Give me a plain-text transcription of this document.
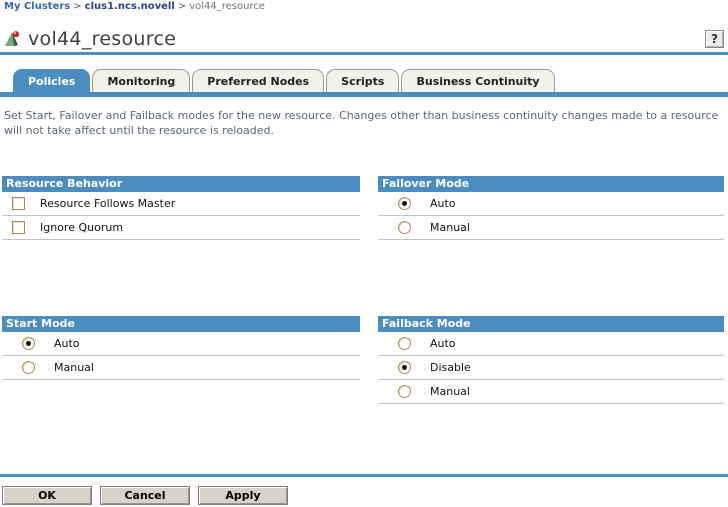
My Clusters > clus1.ncs.novell > vol44_resource
vol44_resource	?
Policies	Monitoring	Preferred Nodes	Scripts	Business Continuity
Set Start, Failover and Failback modes for the new resource. Changes other than business continuity changes made to a resource will not take affect until the resource is reloaded.
Resource Behavior
Resource Follows Master
Ignore Quorum
Failover Mode
Auto
Manual
Start Mode
Auto
Manual
Failback Mode
Auto
Disable
Manual
OK	Cancel	Apply
